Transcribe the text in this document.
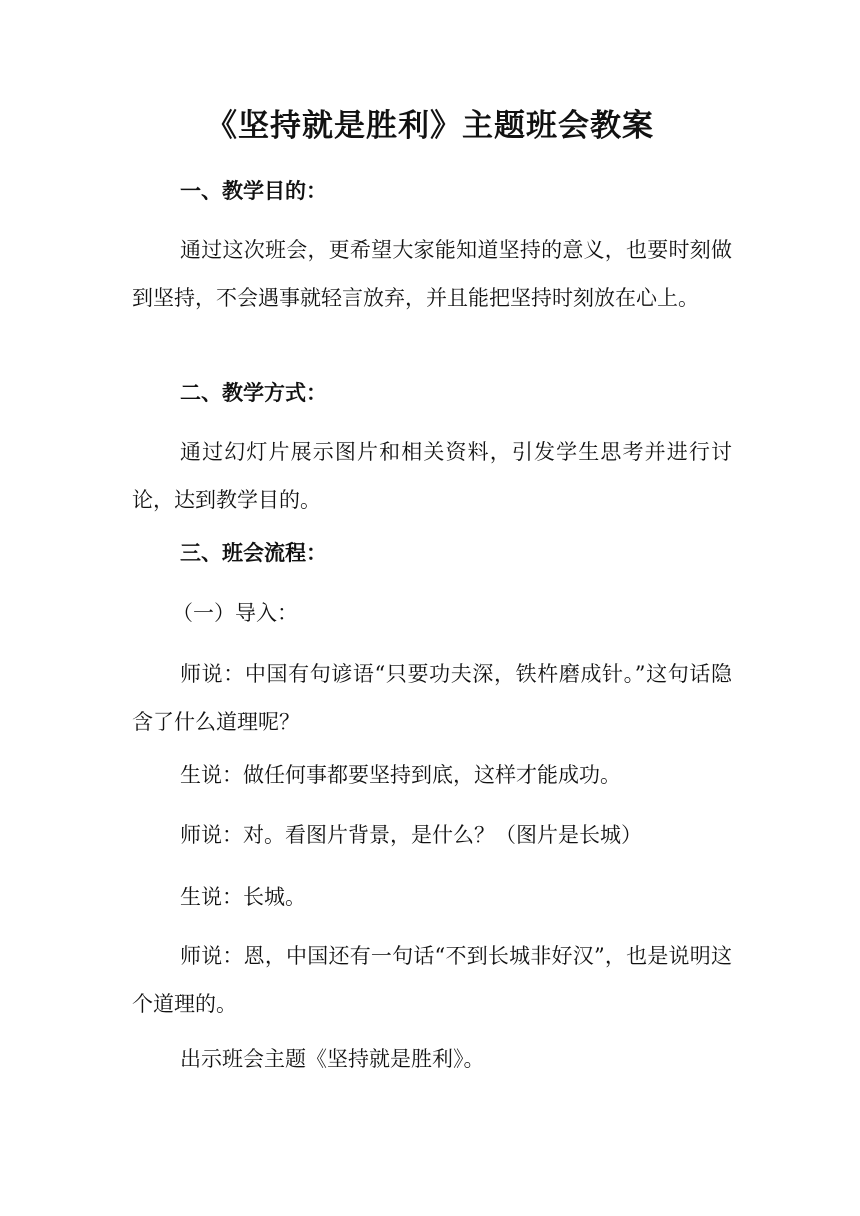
《坚持就是胜利》主题班会教案
一、教学目的：
通过这次班会，更希望大家能知道坚持的意义，也要时刻做到坚持，不会遇事就轻言放弃，并且能把坚持时刻放在心上。
二、教学方式：
通过幻灯片展示图片和相关资料，引发学生思考并进行讨论，达到教学目的。
三、班会流程：
（一）导入：
师说：中国有句谚语“只要功夫深，铁杵磨成针。”这句话隐含了什么道理呢？
生说：做任何事都要坚持到底，这样才能成功。
师说：对。看图片背景，是什么？（图片是长城）
生说：长城。
师说：恩，中国还有一句话“不到长城非好汉”，也是说明这个道理的。
出示班会主题《坚持就是胜利》。
